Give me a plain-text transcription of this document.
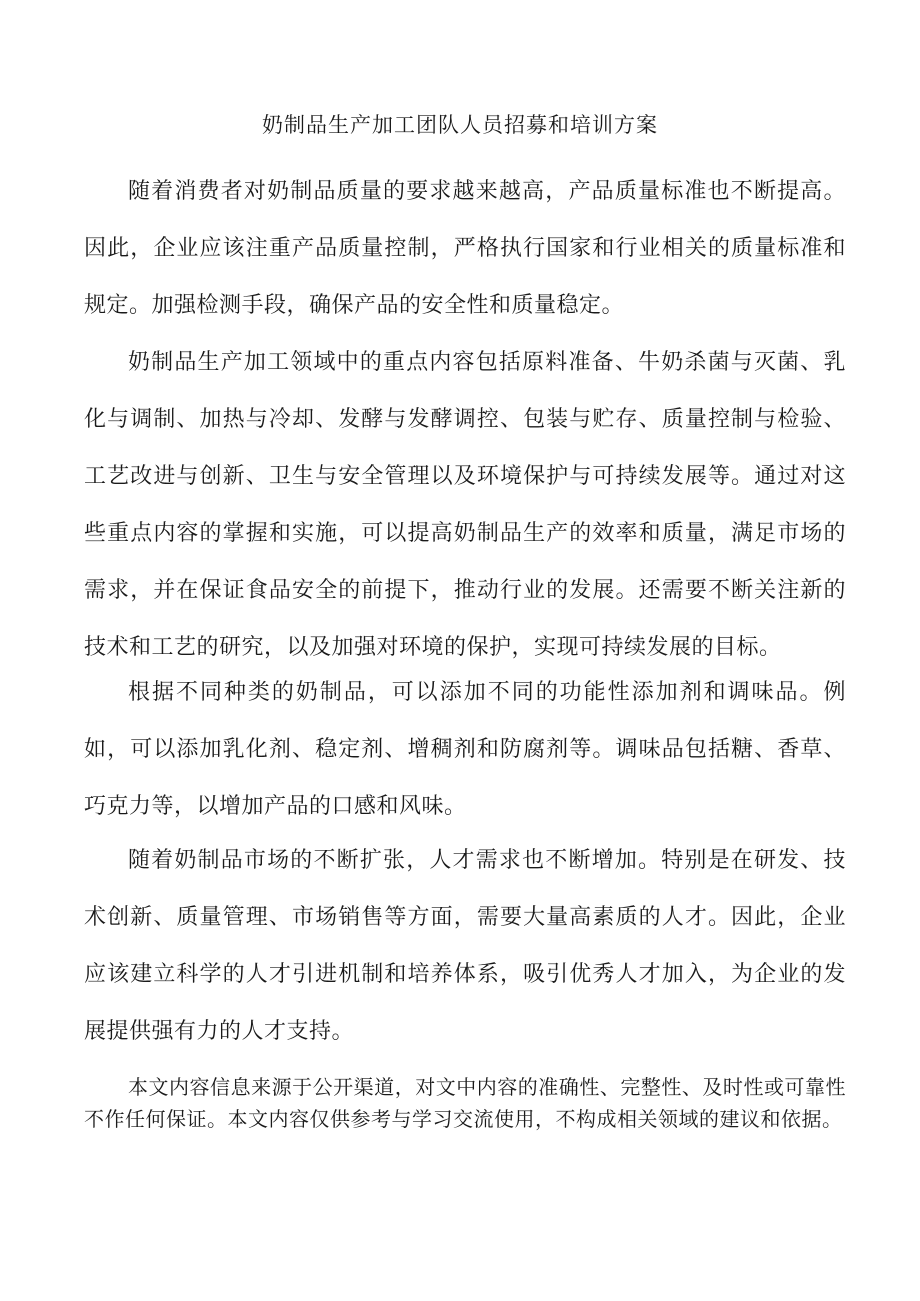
奶制品生产加工团队人员招募和培训方案

随着消费者对奶制品质量的要求越来越高，产品质量标准也不断提高。因此，企业应该注重产品质量控制，严格执行国家和行业相关的质量标准和规定。加强检测手段，确保产品的安全性和质量稳定。

奶制品生产加工领域中的重点内容包括原料准备、牛奶杀菌与灭菌、乳化与调制、加热与冷却、发酵与发酵调控、包装与贮存、质量控制与检验、工艺改进与创新、卫生与安全管理以及环境保护与可持续发展等。通过对这些重点内容的掌握和实施，可以提高奶制品生产的效率和质量，满足市场的需求，并在保证食品安全的前提下，推动行业的发展。还需要不断关注新的技术和工艺的研究，以及加强对环境的保护，实现可持续发展的目标。

根据不同种类的奶制品，可以添加不同的功能性添加剂和调味品。例如，可以添加乳化剂、稳定剂、增稠剂和防腐剂等。调味品包括糖、香草、巧克力等，以增加产品的口感和风味。

随着奶制品市场的不断扩张，人才需求也不断增加。特别是在研发、技术创新、质量管理、市场销售等方面，需要大量高素质的人才。因此，企业应该建立科学的人才引进机制和培养体系，吸引优秀人才加入，为企业的发展提供强有力的人才支持。

本文内容信息来源于公开渠道，对文中内容的准确性、完整性、及时性或可靠性不作任何保证。本文内容仅供参考与学习交流使用，不构成相关领域的建议和依据。
